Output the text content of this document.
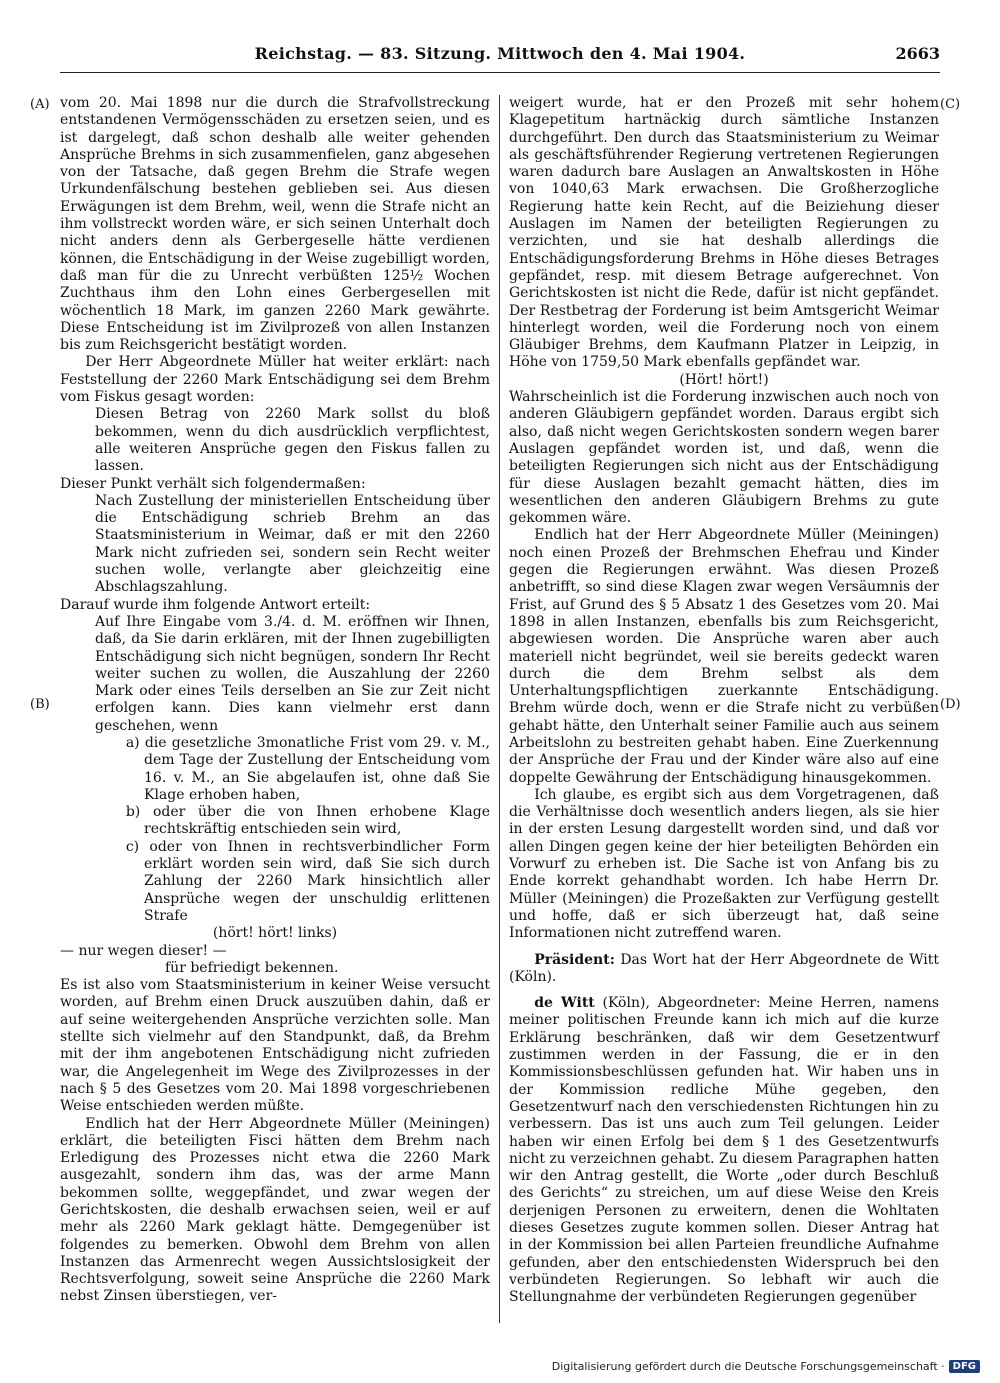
Reichstag. — 83. Sitzung. Mittwoch den 4. Mai 1904.	2663
(A)
(B)
(C)
(D)

vom 20. Mai 1898 nur die durch die Strafvollstreckung entstandenen Vermögensschäden zu ersetzen seien, und es ist dargelegt, daß schon deshalb alle weiter gehenden Ansprüche Brehms in sich zusammenfielen, ganz abgesehen von der Tatsache, daß gegen Brehm die Strafe wegen Urkundenfälschung bestehen geblieben sei. Aus diesen Erwägungen ist dem Brehm, weil, wenn die Strafe nicht an ihm vollstreckt worden wäre, er sich seinen Unterhalt doch nicht anders denn als Gerbergeselle hätte verdienen können, die Entschädigung in der Weise zugebilligt worden, daß man für die zu Unrecht verbüßten 125½ Wochen Zuchthaus ihm den Lohn eines Gerbergesellen mit wöchentlich 18 Mark, im ganzen 2260 Mark gewährte. Diese Entscheidung ist im Zivilprozeß von allen Instanzen bis zum Reichsgericht bestätigt worden.

Der Herr Abgeordnete Müller hat weiter erklärt: nach Feststellung der 2260 Mark Entschädigung sei dem Brehm vom Fiskus gesagt worden:

Diesen Betrag von 2260 Mark sollst du bloß bekommen, wenn du dich ausdrücklich verpflichtest, alle weiteren Ansprüche gegen den Fiskus fallen zu lassen.

Dieser Punkt verhält sich folgendermaßen:

Nach Zustellung der ministeriellen Entscheidung über die Entschädigung schrieb Brehm an das Staatsministerium in Weimar, daß er mit den 2260 Mark nicht zufrieden sei, sondern sein Recht weiter suchen wolle, verlangte aber gleichzeitig eine Abschlagszahlung.

Darauf wurde ihm folgende Antwort erteilt:

Auf Ihre Eingabe vom 3./4. d. M. eröffnen wir Ihnen, daß, da Sie darin erklären, mit der Ihnen zugebilligten Entschädigung sich nicht begnügen, sondern Ihr Recht weiter suchen zu wollen, die Auszahlung der 2260 Mark oder eines Teils derselben an Sie zur Zeit nicht erfolgen kann. Dies kann vielmehr erst dann geschehen, wenn

a) die gesetzliche 3monatliche Frist vom 29. v. M., dem Tage der Zustellung der Entscheidung vom 16. v. M., an Sie abgelaufen ist, ohne daß Sie Klage erhoben haben,

b) oder über die von Ihnen erhobene Klage rechtskräftig entschieden sein wird,

c) oder von Ihnen in rechtsverbindlicher Form erklärt worden sein wird, daß Sie sich durch Zahlung der 2260 Mark hinsichtlich aller Ansprüche wegen der unschuldig erlittenen Strafe

(hört! hört! links)

— nur wegen dieser! —

für befriedigt bekennen.

Es ist also vom Staatsministerium in keiner Weise versucht worden, auf Brehm einen Druck auszuüben dahin, daß er auf seine weitergehenden Ansprüche verzichten solle. Man stellte sich vielmehr auf den Standpunkt, daß, da Brehm mit der ihm angebotenen Entschädigung nicht zufrieden war, die Angelegenheit im Wege des Zivilprozesses in der nach § 5 des Gesetzes vom 20. Mai 1898 vorgeschriebenen Weise entschieden werden müßte.

Endlich hat der Herr Abgeordnete Müller (Meiningen) erklärt, die beteiligten Fisci hätten dem Brehm nach Erledigung des Prozesses nicht etwa die 2260 Mark ausgezahlt, sondern ihm das, was der arme Mann bekommen sollte, weggepfändet, und zwar wegen der Gerichtskosten, die deshalb erwachsen seien, weil er auf mehr als 2260 Mark geklagt hätte. Demgegenüber ist folgendes zu bemerken. Obwohl dem Brehm von allen Instanzen das Armenrecht wegen Aussichtslosigkeit der Rechtsverfolgung, soweit seine Ansprüche die 2260 Mark nebst Zinsen überstiegen, ver-

weigert wurde, hat er den Prozeß mit sehr hohem Klagepetitum hartnäckig durch sämtliche Instanzen durchgeführt. Den durch das Staatsministerium zu Weimar als geschäftsführender Regierung vertretenen Regierungen waren dadurch bare Auslagen an Anwaltskosten in Höhe von 1040,63 Mark erwachsen. Die Großherzogliche Regierung hatte kein Recht, auf die Beiziehung dieser Auslagen im Namen der beteiligten Regierungen zu verzichten, und sie hat deshalb allerdings die Entschädigungsforderung Brehms in Höhe dieses Betrages gepfändet, resp. mit diesem Betrage aufgerechnet. Von Gerichtskosten ist nicht die Rede, dafür ist nicht gepfändet. Der Restbetrag der Forderung ist beim Amtsgericht Weimar hinterlegt worden, weil die Forderung noch von einem Gläubiger Brehms, dem Kaufmann Platzer in Leipzig, in Höhe von 1759,50 Mark ebenfalls gepfändet war.

(Hört! hört!)

Wahrscheinlich ist die Forderung inzwischen auch noch von anderen Gläubigern gepfändet worden. Daraus ergibt sich also, daß nicht wegen Gerichtskosten sondern wegen barer Auslagen gepfändet worden ist, und daß, wenn die beteiligten Regierungen sich nicht aus der Entschädigung für diese Auslagen bezahlt gemacht hätten, dies im wesentlichen den anderen Gläubigern Brehms zu gute gekommen wäre.

Endlich hat der Herr Abgeordnete Müller (Meiningen) noch einen Prozeß der Brehmschen Ehefrau und Kinder gegen die Regierungen erwähnt. Was diesen Prozeß anbetrifft, so sind diese Klagen zwar wegen Versäumnis der Frist, auf Grund des § 5 Absatz 1 des Gesetzes vom 20. Mai 1898 in allen Instanzen, ebenfalls bis zum Reichsgericht, abgewiesen worden. Die Ansprüche waren aber auch materiell nicht begründet, weil sie bereits gedeckt waren durch die dem Brehm selbst als dem Unterhaltungspflichtigen zuerkannte Entschädigung. Brehm würde doch, wenn er die Strafe nicht zu verbüßen gehabt hätte, den Unterhalt seiner Familie auch aus seinem Arbeitslohn zu bestreiten gehabt haben. Eine Zuerkennung der Ansprüche der Frau und der Kinder wäre also auf eine doppelte Gewährung der Entschädigung hinausgekommen.

Ich glaube, es ergibt sich aus dem Vorgetragenen, daß die Verhältnisse doch wesentlich anders liegen, als sie hier in der ersten Lesung dargestellt worden sind, und daß vor allen Dingen gegen keine der hier beteiligten Behörden ein Vorwurf zu erheben ist. Die Sache ist von Anfang bis zu Ende korrekt gehandhabt worden. Ich habe Herrn Dr. Müller (Meiningen) die Prozeßakten zur Verfügung gestellt und hoffe, daß er sich überzeugt hat, daß seine Informationen nicht zutreffend waren.

Präsident: Das Wort hat der Herr Abgeordnete de Witt (Köln).

de Witt (Köln), Abgeordneter: Meine Herren, namens meiner politischen Freunde kann ich mich auf die kurze Erklärung beschränken, daß wir dem Gesetzentwurf zustimmen werden in der Fassung, die er in den Kommissionsbeschlüssen gefunden hat. Wir haben uns in der Kommission redliche Mühe gegeben, den Gesetzentwurf nach den verschiedensten Richtungen hin zu verbessern. Das ist uns auch zum Teil gelungen. Leider haben wir einen Erfolg bei dem § 1 des Gesetzentwurfs nicht zu verzeichnen gehabt. Zu diesem Paragraphen hatten wir den Antrag gestellt, die Worte „oder durch Beschluß des Gerichts“ zu streichen, um auf diese Weise den Kreis derjenigen Personen zu erweitern, denen die Wohltaten dieses Gesetzes zugute kommen sollen. Dieser Antrag hat in der Kommission bei allen Parteien freundliche Aufnahme gefunden, aber den entschiedensten Widerspruch bei den verbündeten Regierungen. So lebhaft wir auch die Stellungnahme der verbündeten Regierungen gegenüber

Digitalisierung gefördert durch die Deutsche Forschungsgemeinschaft · DFG
